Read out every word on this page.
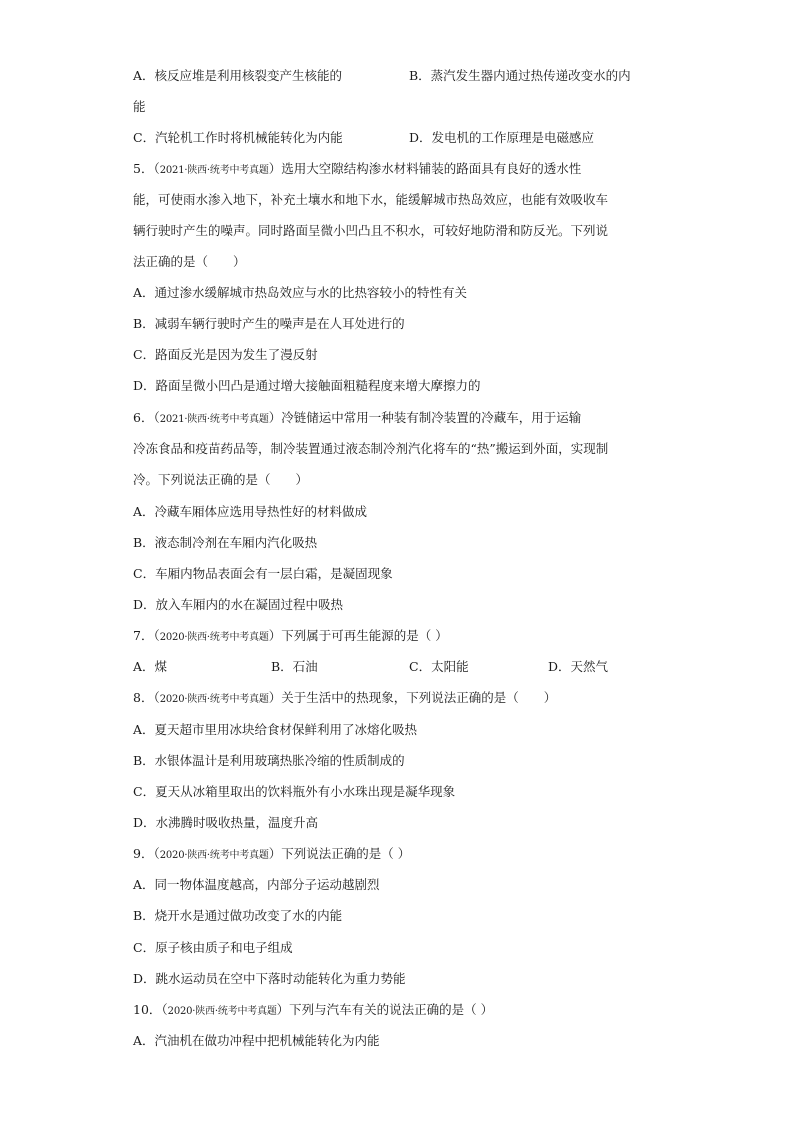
A．核反应堆是利用核裂变产生核能的	B．蒸汽发生器内通过热传递改变水的内
能
C．汽轮机工作时将机械能转化为内能	D．发电机的工作原理是电磁感应
5．（2021·陕西·统考中考真题）选用大空隙结构渗水材料铺装的路面具有良好的透水性
能，可使雨水渗入地下，补充土壤水和地下水，能缓解城市热岛效应，也能有效吸收车
辆行驶时产生的噪声。同时路面呈微小凹凸且不积水，可较好地防滑和防反光。下列说
法正确的是（　　）
A．通过渗水缓解城市热岛效应与水的比热容较小的特性有关
B．减弱车辆行驶时产生的噪声是在人耳处进行的
C．路面反光是因为发生了漫反射
D．路面呈微小凹凸是通过增大接触面粗糙程度来增大摩擦力的
6．（2021·陕西·统考中考真题）冷链储运中常用一种装有制冷装置的冷藏车，用于运输
冷冻食品和疫苗药品等，制冷装置通过液态制冷剂汽化将车的“热”搬运到外面，实现制
冷。下列说法正确的是（　　）
A．冷藏车厢体应选用导热性好的材料做成
B．液态制冷剂在车厢内汽化吸热
C．车厢内物品表面会有一层白霜，是凝固现象
D．放入车厢内的水在凝固过程中吸热
7．（2020·陕西·统考中考真题）下列属于可再生能源的是（ ）
A．煤	B．石油	C．太阳能	D．天然气
8．（2020·陕西·统考中考真题）关于生活中的热现象，下列说法正确的是（　　）
A．夏天超市里用冰块给食材保鲜利用了冰熔化吸热
B．水银体温计是利用玻璃热胀冷缩的性质制成的
C．夏天从冰箱里取出的饮料瓶外有小水珠出现是凝华现象
D．水沸腾时吸收热量，温度升高
9．（2020·陕西·统考中考真题）下列说法正确的是（ ）
A．同一物体温度越高，内部分子运动越剧烈
B．烧开水是通过做功改变了水的内能
C．原子核由质子和电子组成
D．跳水运动员在空中下落时动能转化为重力势能
10．（2020·陕西·统考中考真题）下列与汽车有关的说法正确的是（ ）
A．汽油机在做功冲程中把机械能转化为内能
